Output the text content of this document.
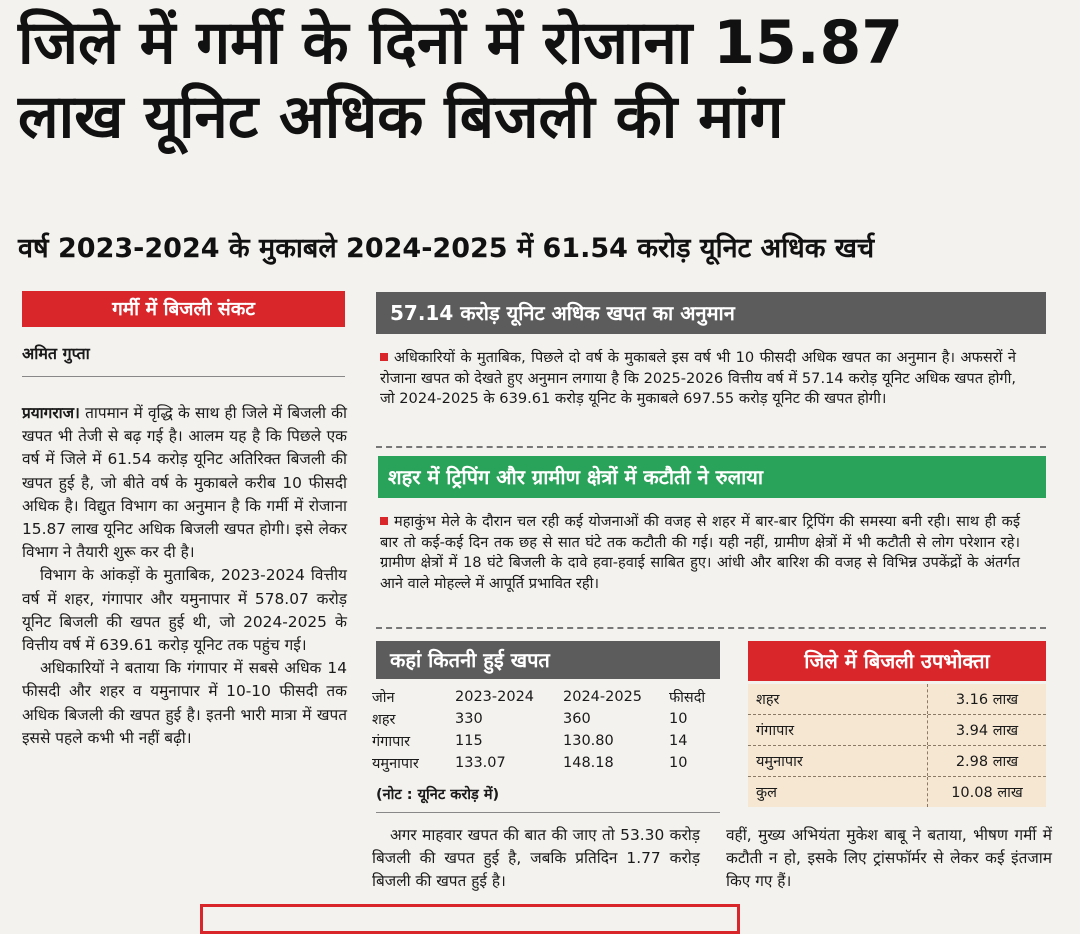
जिले में गर्मी के दिनों में रोजाना 15.87
लाख यूनिट अधिक बिजली की मांग
वर्ष 2023-2024 के मुकाबले 2024-2025 में 61.54 करोड़ यूनिट अधिक खर्च
गर्मी में बिजली संकट
अमित गुप्ता

प्रयागराज। तापमान में वृद्धि के साथ ही जिले में बिजली की खपत भी तेजी से बढ़ गई है। आलम यह है कि पिछले एक वर्ष में जिले में 61.54 करोड़ यूनिट अतिरिक्त बिजली की खपत हुई है, जो बीते वर्ष के मुकाबले करीब 10 फीसदी अधिक है। विद्युत विभाग का अनुमान है कि गर्मी में रोजाना 15.87 लाख यूनिट अधिक बिजली खपत होगी। इसे लेकर विभाग ने तैयारी शुरू कर दी है।

विभाग के आंकड़ों के मुताबिक, 2023-2024 वित्तीय वर्ष में शहर, गंगापार और यमुनापार में 578.07 करोड़ यूनिट बिजली की खपत हुई थी, जो 2024-2025 के वित्तीय वर्ष में 639.61 करोड़ यूनिट तक पहुंच गई।

अधिकारियों ने बताया कि गंगापार में सबसे अधिक 14 फीसदी और शहर व यमुनापार में 10-10 फीसदी तक अधिक बिजली की खपत हुई है। इतनी भारी मात्रा में खपत इससे पहले कभी भी नहीं बढ़ी।

57.14 करोड़ यूनिट अधिक खपत का अनुमान
अधिकारियों के मुताबिक, पिछले दो वर्ष के मुकाबले इस वर्ष भी 10 फीसदी अधिक खपत का अनुमान है। अफसरों ने रोजाना खपत को देखते हुए अनुमान लगाया है कि 2025-2026 वित्तीय वर्ष में 57.14 करोड़ यूनिट अधिक खपत होगी, जो 2024-2025 के 639.61 करोड़ यूनिट के मुकाबले 697.55 करोड़ यूनिट की खपत होगी।
शहर में ट्रिपिंग और ग्रामीण क्षेत्रों में कटौती ने रुलाया
महाकुंभ मेले के दौरान चल रही कई योजनाओं की वजह से शहर में बार-बार ट्रिपिंग की समस्या बनी रही। साथ ही कई बार तो कई-कई दिन तक छह से सात घंटे तक कटौती की गई। यही नहीं, ग्रामीण क्षेत्रों में भी कटौती से लोग परेशान रहे। ग्रामीण क्षेत्रों में 18 घंटे बिजली के दावे हवा-हवाई साबित हुए। आंधी और बारिश की वजह से विभिन्न उपकेंद्रों के अंतर्गत आने वाले मोहल्ले में आपूर्ति प्रभावित रही।
कहां कितनी हुई खपत
जोन	2023-2024	2024-2025	फीसदी
शहर	330	360	10
गंगापार	115	130.80	14
यमुनापार	133.07	148.18	10
(नोट : यूनिट करोड़ में)

अगर माहवार खपत की बात की जाए तो 53.30 करोड़ बिजली की खपत हुई है, जबकि प्रतिदिन 1.77 करोड़ बिजली की खपत हुई है।

जिले में बिजली उपभोक्ता
शहर	3.16 लाख
गंगापार	3.94 लाख
यमुनापार	2.98 लाख
कुल	10.08 लाख

वहीं, मुख्य अभियंता मुकेश बाबू ने बताया, भीषण गर्मी में कटौती न हो, इसके लिए ट्रांसफॉर्मर से लेकर कई इंतजाम किए गए हैं।
